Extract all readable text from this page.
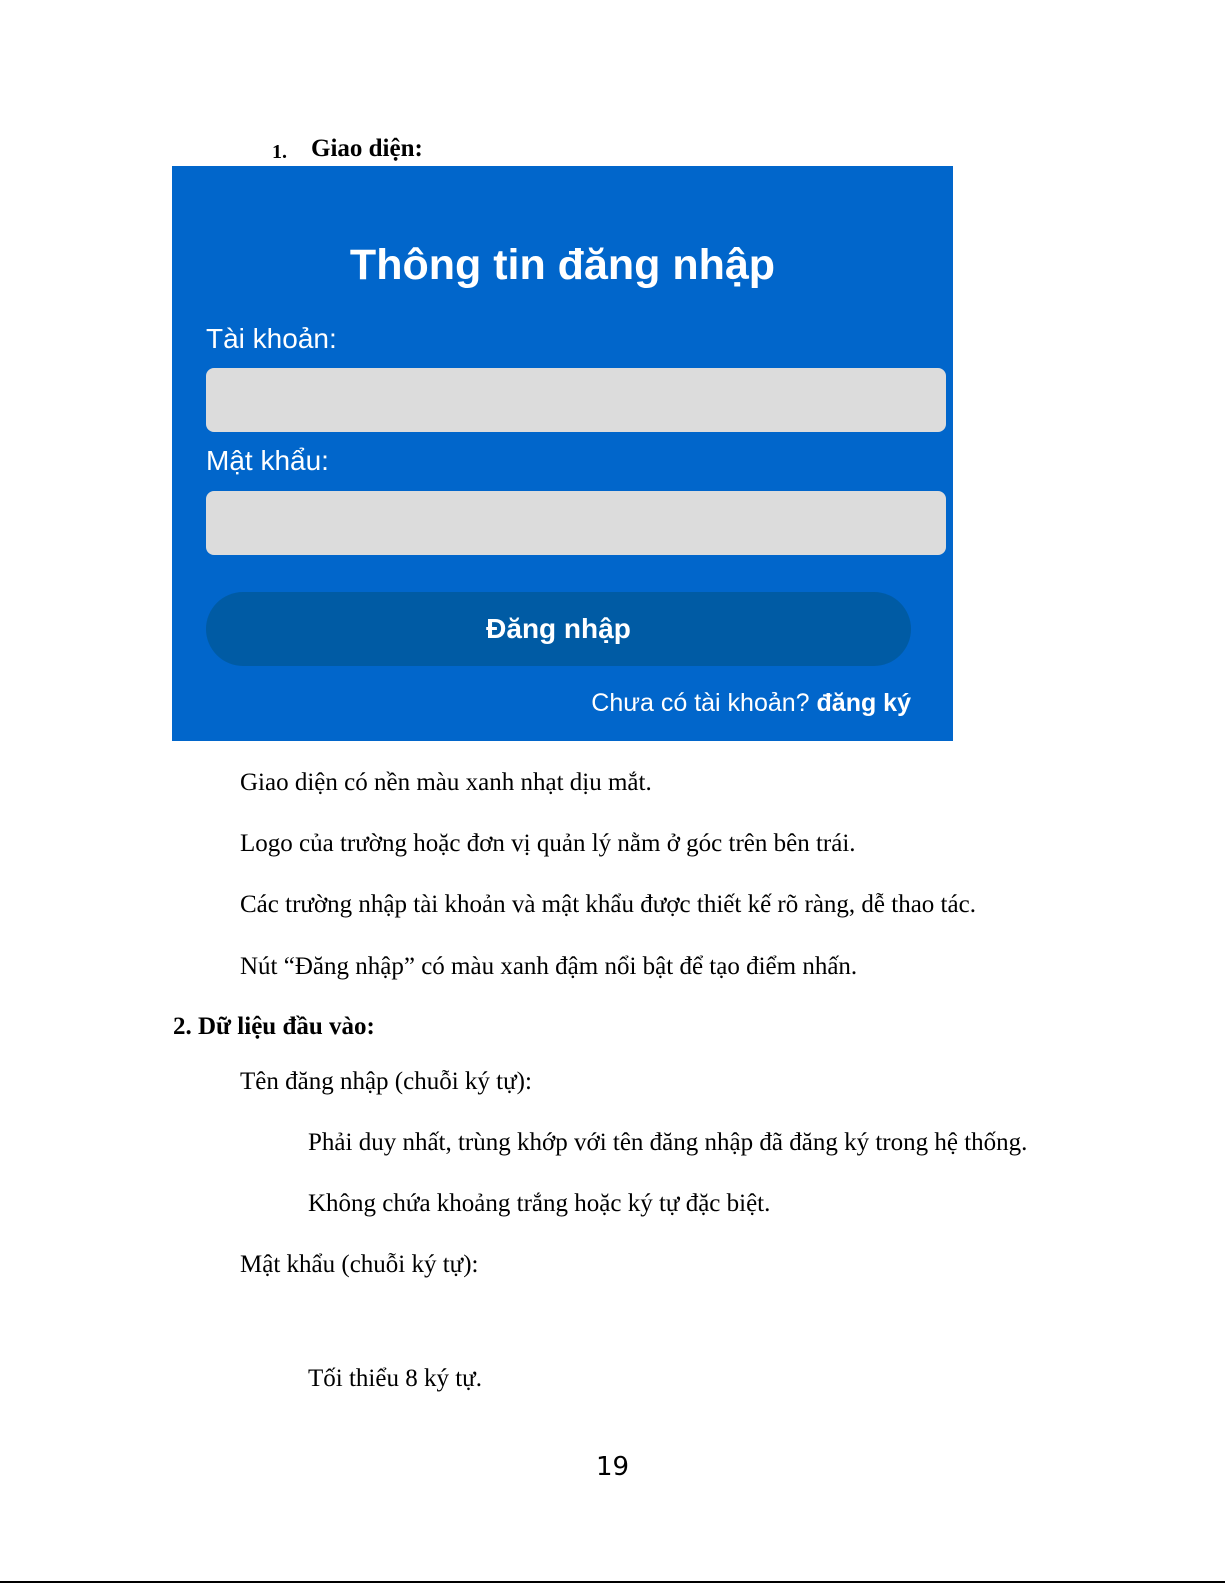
1. Giao diện:
Thông tin đăng nhập
Tài khoản:
Mật khẩu:
Đăng nhập
Chưa có tài khoản? đăng ký
Giao diện có nền màu xanh nhạt dịu mắt.
Logo của trường hoặc đơn vị quản lý nằm ở góc trên bên trái.
Các trường nhập tài khoản và mật khẩu được thiết kế rõ ràng, dễ thao tác.
Nút “Đăng nhập” có màu xanh đậm nổi bật để tạo điểm nhấn.
2. Dữ liệu đầu vào:
Tên đăng nhập (chuỗi ký tự):
Phải duy nhất, trùng khớp với tên đăng nhập đã đăng ký trong hệ thống.
Không chứa khoảng trắng hoặc ký tự đặc biệt.
Mật khẩu (chuỗi ký tự):
Tối thiểu 8 ký tự.
19
